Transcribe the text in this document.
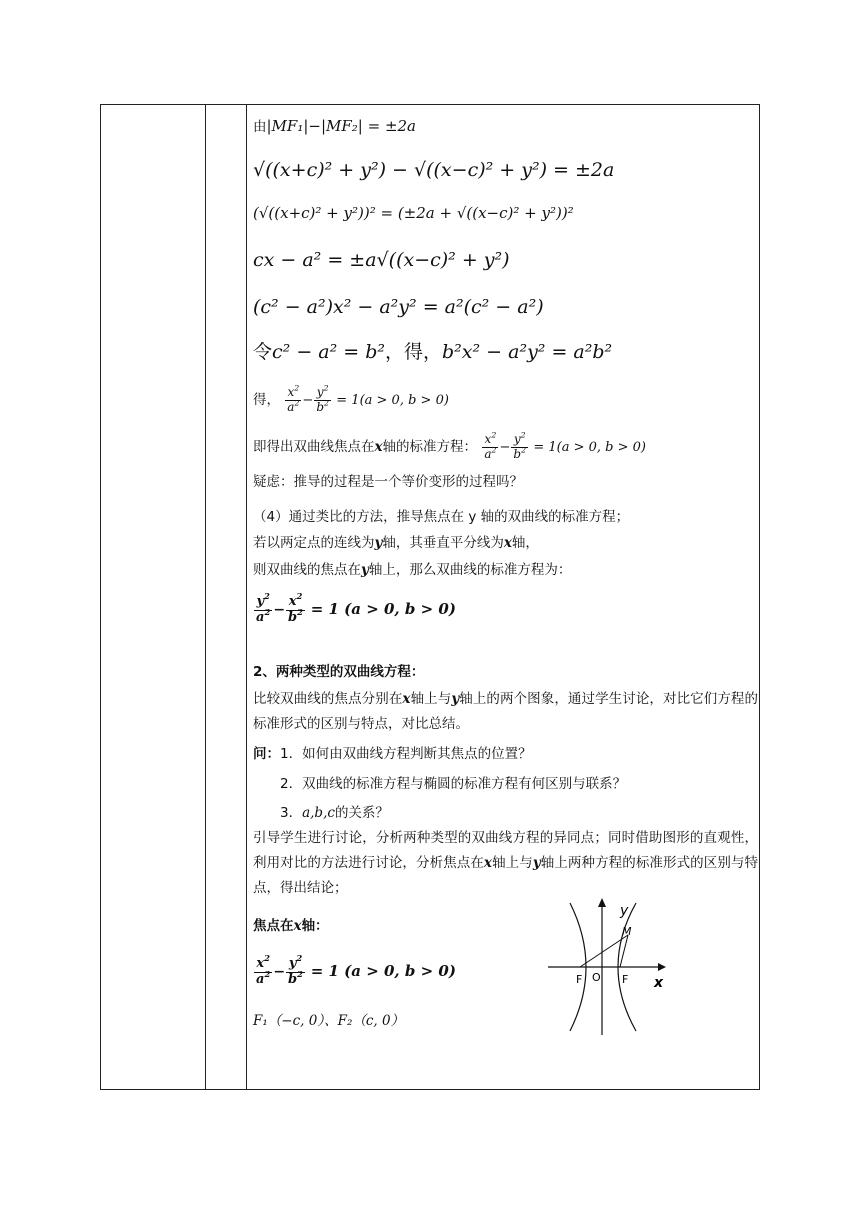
由|MF₁|−|MF₂| = ±2a
√((x+c)² + y²) − √((x−c)² + y²) = ±2a
(√((x+c)² + y²))² = (±2a + √((x−c)² + y²))²
cx − a² = ±a√((x−c)² + y²)
(c² − a²)x² − a²y² = a²(c² − a²)
令c² − a² = b²，得，b²x² − a²y² = a²b²
得， $\frac{x^2}{a^2} - \frac{y^2}{b^2} = 1(a > 0$, b > 0)
即得出双曲线焦点在x轴的标准方程： $\frac{x^2}{a^2} - \frac{y^2}{b^2} = 1(a > 0$, b > 0)
疑虑：推导的过程是一个等价变形的过程吗？
（4）通过类比的方法，推导焦点在 y 轴的双曲线的标准方程；
若以两定点的连线为y轴，其垂直平分线为x轴，
则双曲线的焦点在y轴上，那么双曲线的标准方程为：
$\frac{y^2}{a^2} - \frac{x^2}{b^2} = 1$ (a > 0, b > 0)
2、两种类型的双曲线方程：
比较双曲线的焦点分别在x轴上与y轴上的两个图象，通过学生讨论，对比它们方程的标准形式的区别与特点，对比总结。
问：1．如何由双曲线方程判断其焦点的位置？
2．双曲线的标准方程与椭圆的标准方程有何区别与联系？
3．a,b,c的关系？
引导学生进行讨论，分析两种类型的双曲线方程的异同点；同时借助图形的直观性，利用对比的方法进行讨论，分析焦点在x轴上与y轴上两种方程的标准形式的区别与特点，得出结论；
焦点在x轴：
$\frac{x^2}{a^2} - \frac{y^2}{b^2} = 1$ (a > 0, b > 0)
F₁（−c, 0）、F₂（c, 0）
y
x
M
F O F
